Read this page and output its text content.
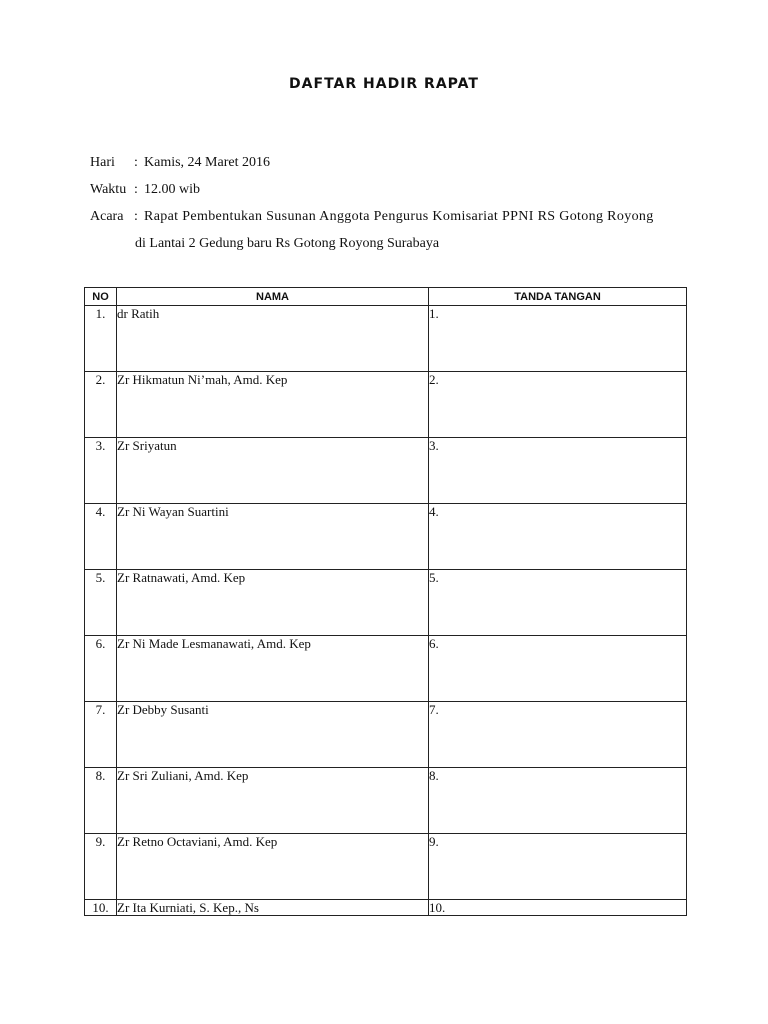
DAFTAR HADIR RAPAT
Hari : Kamis, 24 Maret 2016
Waktu : 12.00 wib
Acara : Rapat Pembentukan Susunan Anggota Pengurus Komisariat PPNI RS Gotong Royong
di Lantai 2 Gedung baru Rs Gotong Royong Surabaya
NO	NAMA	TANDA TANGAN
1.	dr Ratih	1.
2.	Zr Hikmatun Ni’mah, Amd. Kep	2.
3.	Zr Sriyatun	3.
4.	Zr Ni Wayan Suartini	4.
5.	Zr Ratnawati, Amd. Kep	5.
6.	Zr Ni Made Lesmanawati, Amd. Kep	6.
7.	Zr Debby Susanti	7.
8.	Zr Sri Zuliani, Amd. Kep	8.
9.	Zr Retno Octaviani, Amd. Kep	9.
10.	Zr Ita Kurniati, S. Kep., Ns	10.
